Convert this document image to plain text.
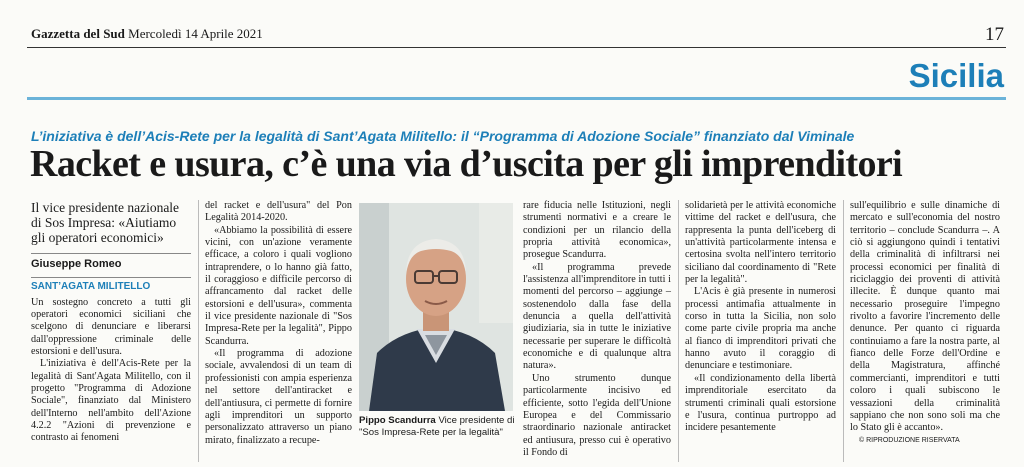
Gazzetta del Sud Mercoledì 14 Aprile 2021	17
Sicilia
L’iniziativa è dell’Acis-Rete per la legalità di Sant’Agata Militello: il “Programma di Adozione Sociale” finanziato dal Viminale
Racket e usura, c’è una via d’uscita per gli imprenditori
Il vice presidente nazionale di Sos Impresa: «Aiutiamo gli operatori economici»
Giuseppe Romeo
SANT’AGATA MILITELLO

Un sostegno concreto a tutti gli operatori economici siciliani che scelgono di denunciare e liberarsi dall'oppressione criminale delle estorsioni e dell'usura.

L'iniziativa è dell'Acis-Rete per la legalità di Sant'Agata Militello, con il progetto "Programma di Adozione Sociale", finanziato dal Ministero dell'Interno nell'ambito dell'Azione 4.2.2 "Azioni di prevenzione e contrasto ai fenomeni

del racket e dell'usura" del Pon Legalità 2014-2020.

«Abbiamo la possibilità di essere vicini, con un'azione veramente efficace, a coloro i quali vogliono intraprendere, o lo hanno già fatto, il coraggioso e difficile percorso di affrancamento dal racket delle estorsioni e dell'usura», commenta il vice presidente nazionale di "Sos Impresa-Rete per la legalità", Pippo Scandurra.

«Il programma di adozione sociale, avvalendosi di un team di professionisti con ampia esperienza nel settore dell'antiracket e dell'antiusura, ci permette di fornire agli imprenditori un supporto personalizzato attraverso un piano mirato, finalizzato a recupe-

Pippo Scandurra Vice presidente di "Sos Impresa-Rete per la legalità"

rare fiducia nelle Istituzioni, negli strumenti normativi e a creare le condizioni per un rilancio della propria attività economica», prosegue Scandurra.

«Il programma prevede l'assistenza all'imprenditore in tutti i momenti del percorso – aggiunge – sostenendolo dalla fase della denuncia a quella dell'attività giudiziaria, sia in tutte le iniziative necessarie per superare le difficoltà economiche e di qualunque altra natura».

Uno strumento dunque particolarmente incisivo ed efficiente, sotto l'egida dell'Unione Europea e del Commissario straordinario nazionale antiracket ed antiusura, presso cui è operativo il Fondo di

solidarietà per le attività economiche vittime del racket e dell'usura, che rappresenta la punta dell'iceberg di un'attività particolarmente intensa e certosina svolta nell'intero territorio siciliano dal coordinamento di "Rete per la legalità".

L'Acis è già presente in numerosi processi antimafia attualmente in corso in tutta la Sicilia, non solo come parte civile propria ma anche al fianco di imprenditori privati che hanno avuto il coraggio di denunciare e testimoniare.

«Il condizionamento della libertà imprenditoriale esercitato da strumenti criminali quali estorsione e l'usura, continua purtroppo ad incidere pesantemente

sull'equilibrio e sulle dinamiche di mercato e sull'economia del nostro territorio – conclude Scandurra –. A ciò si aggiungono quindi i tentativi della criminalità di infiltrarsi nei processi economici per finalità di riciclaggio dei proventi di attività illecite. È dunque quanto mai necessario proseguire l'impegno rivolto a favorire l'incremento delle denunce. Per quanto ci riguarda continuiamo a fare la nostra parte, al fianco delle Forze dell'Ordine e della Magistratura, affinché commercianti, imprenditori e tutti coloro i quali subiscono le vessazioni della criminalità sappiano che non sono soli ma che lo Stato gli è accanto».

© RIPRODUZIONE RISERVATA
